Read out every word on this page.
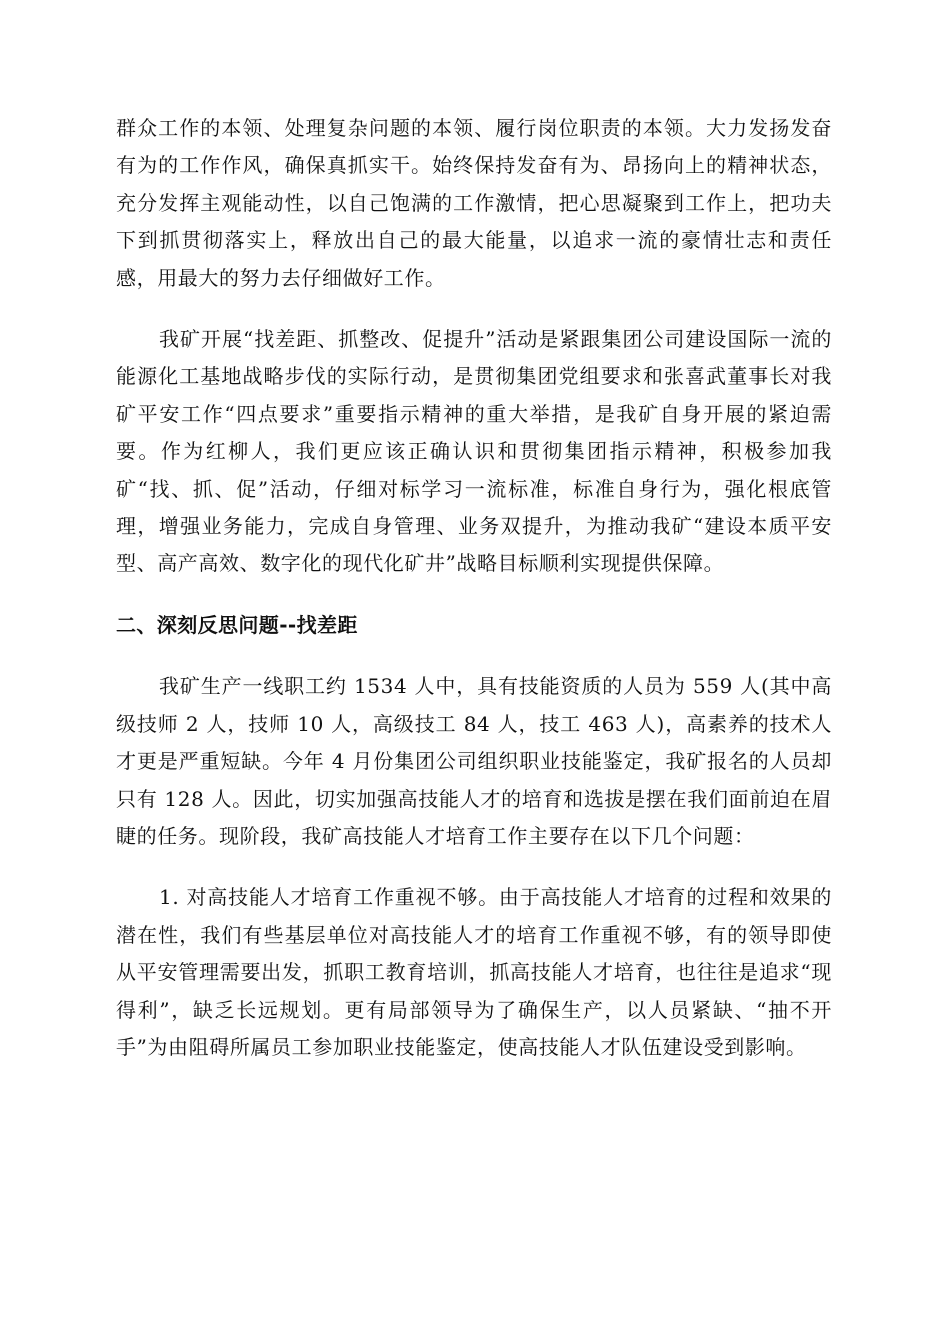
群众工作的本领、处理复杂问题的本领、履行岗位职责的本领。大力发扬发奋有为的工作作风，确保真抓实干。始终保持发奋有为、昂扬向上的精神状态，充分发挥主观能动性，以自己饱满的工作激情，把心思凝聚到工作上，把功夫下到抓贯彻落实上，释放出自己的最大能量，以追求一流的豪情壮志和责任感，用最大的努力去仔细做好工作。

我矿开展“找差距、抓整改、促提升”活动是紧跟集团公司建设国际一流的能源化工基地战略步伐的实际行动，是贯彻集团党组要求和张喜武董事长对我矿平安工作“四点要求”重要指示精神的重大举措，是我矿自身开展的紧迫需要。作为红柳人，我们更应该正确认识和贯彻集团指示精神，积极参加我矿“找、抓、促”活动，仔细对标学习一流标准，标准自身行为，强化根底管理，增强业务能力，完成自身管理、业务双提升，为推动我矿“建设本质平安型、高产高效、数字化的现代化矿井”战略目标顺利实现提供保障。

二、深刻反思问题--找差距

我矿生产一线职工约 1534 人中，具有技能资质的人员为 559 人(其中高级技师 2 人，技师 10 人，高级技工 84 人，技工 463 人)，高素养的技术人才更是严重短缺。今年 4 月份集团公司组织职业技能鉴定，我矿报名的人员却只有 128 人。因此，切实加强高技能人才的培育和选拔是摆在我们面前迫在眉睫的任务。现阶段，我矿高技能人才培育工作主要存在以下几个问题：

1. 对高技能人才培育工作重视不够。由于高技能人才培育的过程和效果的潜在性，我们有些基层单位对高技能人才的培育工作重视不够，有的领导即使从平安管理需要出发，抓职工教育培训，抓高技能人才培育，也往往是追求“现得利”，缺乏长远规划。更有局部领导为了确保生产，以人员紧缺、“抽不开手”为由阻碍所属员工参加职业技能鉴定，使高技能人才队伍建设受到影响。
